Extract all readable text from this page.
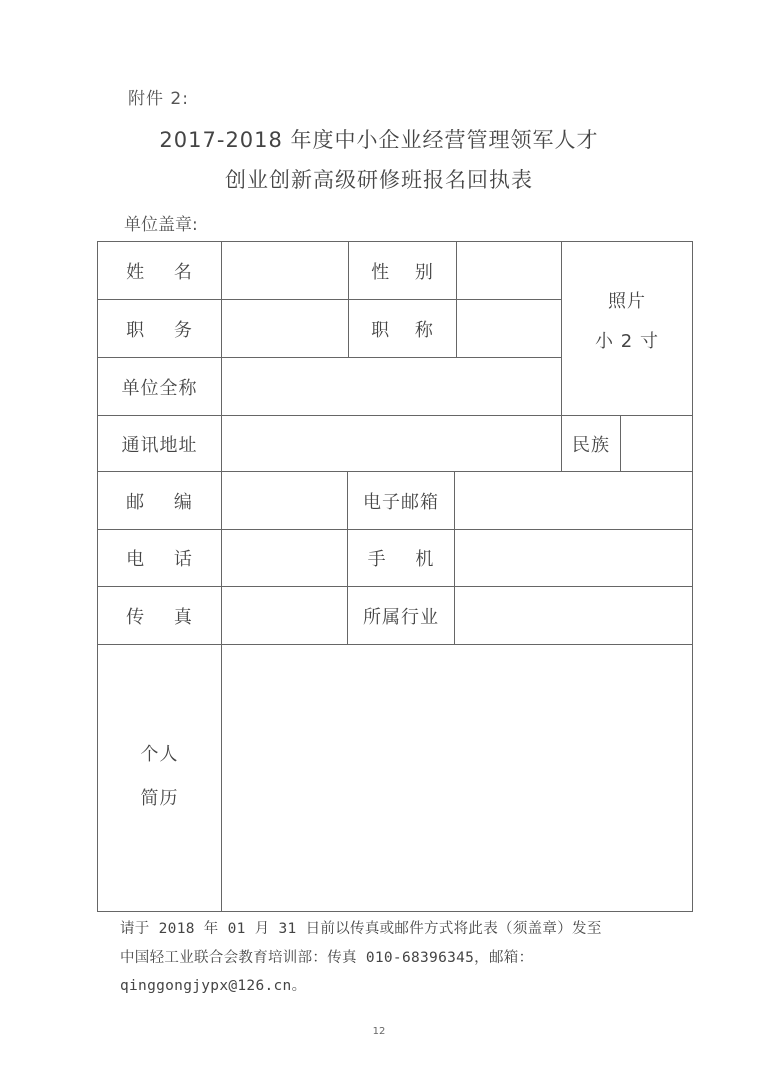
附件 2:
2017-2018 年度中小企业经营管理领军人才
创业创新高级研修班报名回执表
单位盖章:
姓 名	性 别
照片
小 2 寸
职 务	职 称
单位全称
通讯地址	民族
邮 编	电子邮箱
电 话	手 机
传 真	所属行业
个人
简历
请于 2018 年 01 月 31 日前以传真或邮件方式将此表（须盖章）发至
中国轻工业联合会教育培训部：传真 010-68396345，邮箱：
qinggongjypx@126.cn。
12
